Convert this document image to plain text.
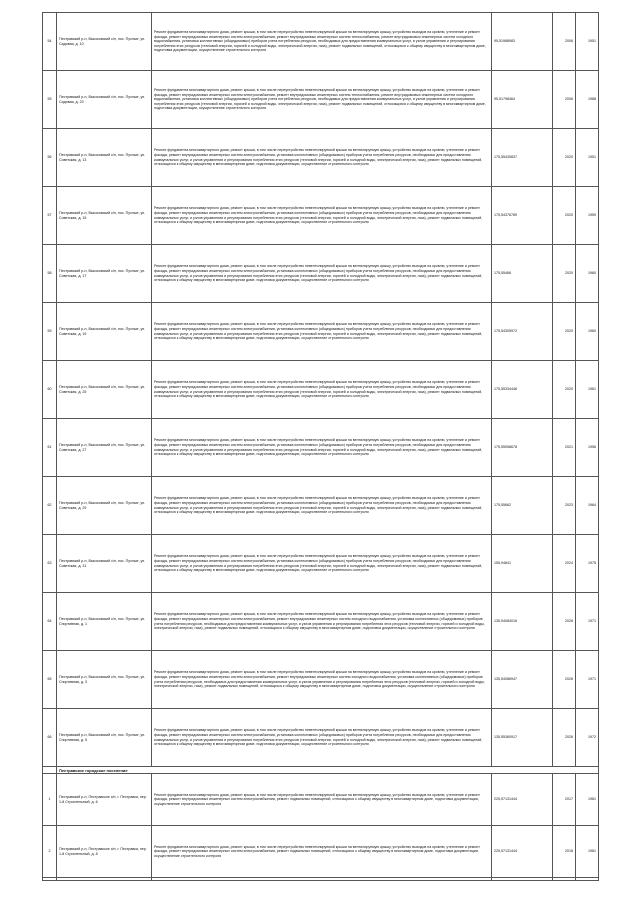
54	Пестравский р-н, Высоковский с/п, пос. Пухлые, ул. Садовая, д. 10	Ремонт фундамента многоквартирного дома, ремонт крыши, в том числе переустройство невентилируемой крыши на вентилируемую крышу, устройство выходов на кровлю, утепление и ремонт фасада, ремонт внутридомовых инженерных систем электроснабжения, ремонт внутридомовых инженерных систем теплоснабжения, ремонт внутридомовых инженерных систем холодного водоснабжения, установка коллективных (общедомовых) приборов учета потребления ресурсов, необходимых для предоставления коммунальных услуг, и узлов управления и регулирования потребления этих ресурсов (тепловой энергии, горячей и холодной воды, электрической энергии, газа), ремонт подвальных помещений, относящихся к общему имуществу в многоквартирном доме, подготовка документации, осуществление строительного контроля	95,51988983	2006	1951
55	Пестравский р-н, Высоковский с/п, пос. Пухлые, ул. Садовая, д. 23	Ремонт фундамента многоквартирного дома, ремонт крыши, в том числе переустройство невентилируемой крыши на вентилируемую крышу, устройство выходов на кровлю, утепление и ремонт фасада, ремонт внутридомовых инженерных систем электроснабжения, ремонт внутридомовых инженерных систем теплоснабжения, ремонт внутридомовых инженерных систем холодного водоснабжения, установка коллективных (общедомовых) приборов учета потребления ресурсов, необходимых для предоставления коммунальных услуг, и узлов управления и регулирования потребления этих ресурсов (тепловой энергии, горячей и холодной воды, электрической энергии, газа), ремонт подвальных помещений, относящихся к общему имуществу в многоквартирном доме, подготовка документации, осуществление строительного контроля	95,51798464	2006	1988
56	Пестравский р-н, Высоковский с/п, пос. Пухлые, ул. Советская, д. 13	Ремонт фундамента многоквартирного дома, ремонт крыши, в том числе переустройство невентилируемой крыши на вентилируемую крышу, устройство выходов на кровлю, утепление и ремонт фасада, ремонт внутридомовых инженерных систем электроснабжения, установка коллективных (общедомовых) приборов учета потребления ресурсов, необходимых для предоставления коммунальных услуг, и узлов управления и регулирования потребления этих ресурсов (тепловой энергии, горячей и холодной воды, электрической энергии, газа), ремонт подвальных помещений, относящихся к общему имуществу в многоквартирном доме, подготовка документации, осуществление строительного контроля	175,55430837	2020	1951
57	Пестравский р-н, Высоковский с/п, пос. Пухлые, ул. Советская, д. 15	Ремонт фундамента многоквартирного дома, ремонт крыши, в том числе переустройство невентилируемой крыши на вентилируемую крышу, устройство выходов на кровлю, утепление и ремонт фасада, ремонт внутридомовых инженерных систем электроснабжения, установка коллективных (общедомовых) приборов учета потребления ресурсов, необходимых для предоставления коммунальных услуг, и узлов управления и регулирования потребления этих ресурсов (тепловой энергии, горячей и холодной воды, электрической энергии, газа), ремонт подвальных помещений, относящихся к общему имуществу в многоквартирном доме, подготовка документации, осуществление строительного контроля	175,54376789	2020	1959
58	Пестравский р-н, Высоковский с/п, пос. Пухлые, ул. Советская, д. 17	Ремонт фундамента многоквартирного дома, ремонт крыши, в том числе переустройство невентилируемой крыши на вентилируемую крышу, устройство выходов на кровлю, утепление и ремонт фасада, ремонт внутридомовых инженерных систем электроснабжения, установка коллективных (общедомовых) приборов учета потребления ресурсов, необходимых для предоставления коммунальных услуг, и узлов управления и регулирования потребления этих ресурсов (тепловой энергии, горячей и холодной воды, электрической энергии, газа), ремонт подвальных помещений, относящихся к общему имуществу в многоквартирном доме, подготовка документации, осуществление строительного контроля	175,55466	2020	1960
59	Пестравский р-н, Высоковский с/п, пос. Пухлые, ул. Советская, д. 19	Ремонт фундамента многоквартирного дома, ремонт крыши, в том числе переустройство невентилируемой крыши на вентилируемую крышу, устройство выходов на кровлю, утепление и ремонт фасада, ремонт внутридомовых инженерных систем электроснабжения, установка коллективных (общедомовых) приборов учета потребления ресурсов, необходимых для предоставления коммунальных услуг, и узлов управления и регулирования потребления этих ресурсов (тепловой энергии, горячей и холодной воды, электрической энергии, газа), ремонт подвальных помещений, относящихся к общему имуществу в многоквартирном доме, подготовка документации, осуществление строительного контроля	175,54305972	2020	1960
60	Пестравский р-н, Высоковский с/п, пос. Пухлые, ул. Советская, д. 25	Ремонт фундамента многоквартирного дома, ремонт крыши, в том числе переустройство невентилируемой крыши на вентилируемую крышу, устройство выходов на кровлю, утепление и ремонт фасада, ремонт внутридомовых инженерных систем электроснабжения, установка коллективных (общедомовых) приборов учета потребления ресурсов, необходимых для предоставления коммунальных услуг, и узлов управления и регулирования потребления этих ресурсов (тепловой энергии, горячей и холодной воды, электрической энергии, газа), ремонт подвальных помещений, относящихся к общему имуществу в многоквартирном доме, подготовка документации, осуществление строительного контроля	175,55334446	2020	1961
61	Пестравский р-н, Высоковский с/п, пос. Пухлые, ул. Советская, д. 27	Ремонт фундамента многоквартирного дома, ремонт крыши, в том числе переустройство невентилируемой крыши на вентилируемую крышу, устройство выходов на кровлю, утепление и ремонт фасада, ремонт внутридомовых инженерных систем электроснабжения, установка коллективных (общедомовых) приборов учета потребления ресурсов, необходимых для предоставления коммунальных услуг, и узлов управления и регулирования потребления этих ресурсов (тепловой энергии, горячей и холодной воды, электрической энергии, газа), ремонт подвальных помещений, относящихся к общему имуществу в многоквартирном доме, подготовка документации, осуществление строительного контроля	175,55058678	2021	1956
62	Пестравский р-н, Высоковский с/п, пос. Пухлые, ул. Советская, д. 29	Ремонт фундамента многоквартирного дома, ремонт крыши, в том числе переустройство невентилируемой крыши на вентилируемую крышу, устройство выходов на кровлю, утепление и ремонт фасада, ремонт внутридомовых инженерных систем электроснабжения, установка коллективных (общедомовых) приборов учета потребления ресурсов, необходимых для предоставления коммунальных услуг, и узлов управления и регулирования потребления этих ресурсов (тепловой энергии, горячей и холодной воды, электрической энергии, газа), ремонт подвальных помещений, относящихся к общему имуществу в многоквартирном доме, подготовка документации, осуществление строительного контроля	175,55662	2023	1964
63	Пестравский р-н, Высоковский с/п, пос. Пухлые, ул. Советская, д. 31	Ремонт фундамента многоквартирного дома, ремонт крыши, в том числе переустройство невентилируемой крыши на вентилируемую крышу, устройство выходов на кровлю, утепление и ремонт фасада, ремонт внутридомовых инженерных систем электроснабжения, установка коллективных (общедомовых) приборов учета потребления ресурсов, необходимых для предоставления коммунальных услуг, и узлов управления и регулирования потребления этих ресурсов (тепловой энергии, горячей и холодной воды, электрической энергии, газа), ремонт подвальных помещений, относящихся к общему имуществу в многоквартирном доме, подготовка документации, осуществление строительного контроля	155,94841	2024	1975
64	Пестравский р-н, Высоковский с/п, пос. Пухлые, ул. Спортивная, д. 1	Ремонт фундамента многоквартирного дома, ремонт крыши, в том числе переустройство невентилируемой крыши на вентилируемую крышу, устройство выходов на кровлю, утепление и ремонт фасада, ремонт внутридомовых инженерных систем электроснабжения, ремонт внутридомовых инженерных систем холодного водоснабжения, установка коллективных (общедомовых) приборов учета потребления ресурсов, необходимых для предоставления коммунальных услуг, и узлов управления и регулирования потребления этих ресурсов (тепловой энергии, горячей и холодной воды, электрической энергии, газа), ремонт подвальных помещений, относящихся к общему имуществу в многоквартирном доме, подготовка документации, осуществление строительного контроля	135,54084016	2026	1971
65	Пестравский р-н, Высоковский с/п, пос. Пухлые, ул. Спортивная, д. 3	Ремонт фундамента многоквартирного дома, ремонт крыши, в том числе переустройство невентилируемой крыши на вентилируемую крышу, устройство выходов на кровлю, утепление и ремонт фасада, ремонт внутридомовых инженерных систем электроснабжения, ремонт внутридомовых инженерных систем холодного водоснабжения, установка коллективных (общедомовых) приборов учета потребления ресурсов, необходимых для предоставления коммунальных услуг, и узлов управления и регулирования потребления этих ресурсов (тепловой энергии, горячей и холодной воды, электрической энергии, газа), ремонт подвальных помещений, относящихся к общему имуществу в многоквартирном доме, подготовка документации, осуществление строительного контроля	135,54086947	2026	1971
66	Пестравский р-н, Высоковский с/п, пос. Пухлые, ул. Спортивная, д. 5	Ремонт фундамента многоквартирного дома, ремонт крыши, в том числе переустройство невентилируемой крыши на вентилируемую крышу, устройство выходов на кровлю, утепление и ремонт фасада, ремонт внутридомовых инженерных систем электроснабжения, установка коллективных (общедомовых) приборов учета потребления ресурсов, необходимых для предоставления коммунальных услуг, и узлов управления и регулирования потребления этих ресурсов (тепловой энергии, горячей и холодной воды, электрической энергии, газа), ремонт подвальных помещений, относящихся к общему имуществу в многоквартирном доме, подготовка документации, осуществление строительного контроля	135,55360917	2026	1972
	Пестравское городское поселение				
1	Пестравский р-н, Пестравское с/п, г. Пестравка, пер. 1-й Строительный, д. 6	Ремонт фундамента многоквартирного дома, ремонт крыши, в том числе переустройство невентилируемой крыши на вентилируемую крышу, устройство выходов на кровлю, утепление и ремонт фасада, ремонт внутридомовых инженерных систем электроснабжения, ремонт подвальных помещений, относящихся к общему имуществу в многоквартирном доме, подготовка документации, осуществление строительного контроля	225,57131444	2017	1981
2	Пестравский р-н, Пестравское с/п, г. Пестравка, пер. 1-й Строительный, д. 8	Ремонт фундамента многоквартирного дома, ремонт крыши, в том числе переустройство невентилируемой крыши на вентилируемую крышу, устройство выходов на кровлю, утепление и ремонт фасада, ремонт внутридомовых инженерных систем электроснабжения, ремонт подвальных помещений, относящихся к общему имуществу в многоквартирном доме, подготовка документации, осуществление строительного контроля	225,57131444	2018	1981
